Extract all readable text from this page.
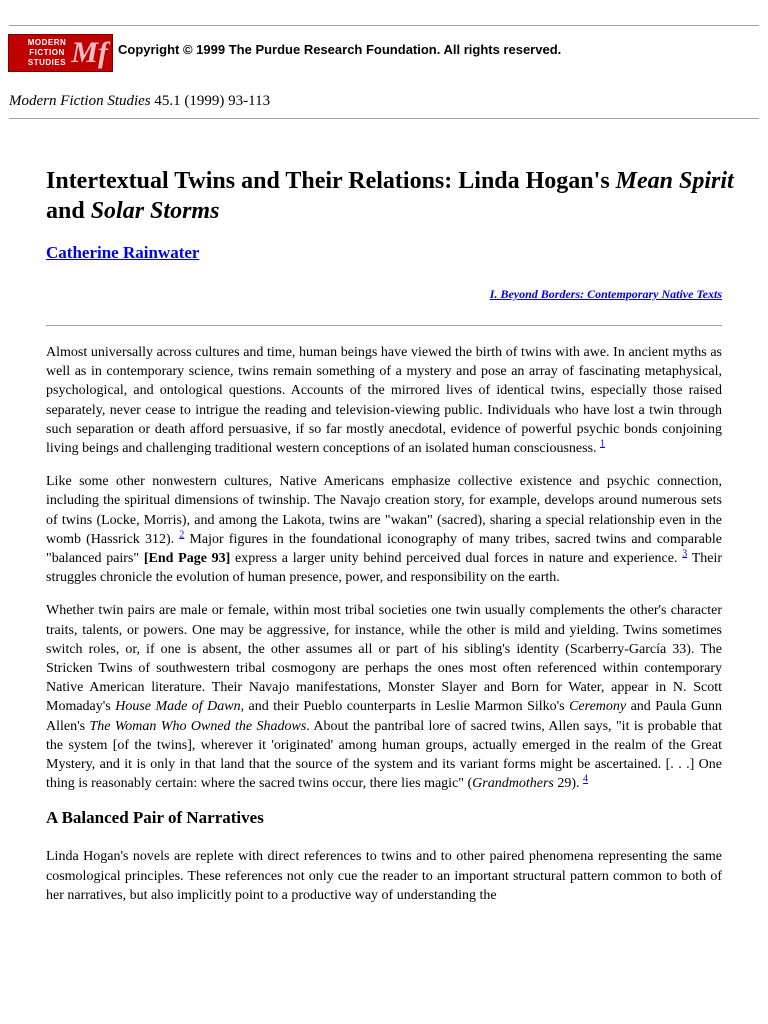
MODERN
FICTION
STUDIES Mf Copyright © 1999 The Purdue Research Foundation. All rights reserved.
Modern Fiction Studies 45.1 (1999) 93-113
Intertextual Twins and Their Relations: Linda Hogan's Mean Spirit and Solar Storms
Catherine Rainwater
I. Beyond Borders: Contemporary Native Texts

Almost universally across cultures and time, human beings have viewed the birth of twins with awe. In ancient myths as well as in contemporary science, twins remain something of a mystery and pose an array of fascinating metaphysical, psychological, and ontological questions. Accounts of the mirrored lives of identical twins, especially those raised separately, never cease to intrigue the reading and television-viewing public. Individuals who have lost a twin through such separation or death afford persuasive, if so far mostly anecdotal, evidence of powerful psychic bonds conjoining living beings and challenging traditional western conceptions of an isolated human consciousness. $^1$

Like some other nonwestern cultures, Native Americans emphasize collective existence and psychic connection, including the spiritual dimensions of twinship. The Navajo creation story, for example, develops around numerous sets of twins (Locke, Morris), and among the Lakota, twins are "wakan" (sacred), sharing a special relationship even in the womb (Hassrick 312). $^2$ Major figures in the foundational iconography of many tribes, sacred twins and comparable "balanced pairs" [End Page 93] express a larger unity behind perceived dual forces in nature and experience. $^3$ Their struggles chronicle the evolution of human presence, power, and responsibility on the earth.

Whether twin pairs are male or female, within most tribal societies one twin usually complements the other's character traits, talents, or powers. One may be aggressive, for instance, while the other is mild and yielding. Twins sometimes switch roles, or, if one is absent, the other assumes all or part of his sibling's identity (Scarberry-García 33). The Stricken Twins of southwestern tribal cosmogony are perhaps the ones most often referenced within contemporary Native American literature. Their Navajo manifestations, Monster Slayer and Born for Water, appear in N. Scott Momaday's House Made of Dawn, and their Pueblo counterparts in Leslie Marmon Silko's Ceremony and Paula Gunn Allen's The Woman Who Owned the Shadows. About the pantribal lore of sacred twins, Allen says, "it is probable that the system [of the twins], wherever it 'originated' among human groups, actually emerged in the realm of the Great Mystery, and it is only in that land that the source of the system and its variant forms might be ascertained. [. . .] One thing is reasonably certain: where the sacred twins occur, there lies magic" (Grandmothers 29). $^4$

A Balanced Pair of Narratives

Linda Hogan's novels are replete with direct references to twins and to other paired phenomena representing the same cosmological principles. These references not only cue the reader to an important structural pattern common to both of her narratives, but also implicitly point to a productive way of understanding the
